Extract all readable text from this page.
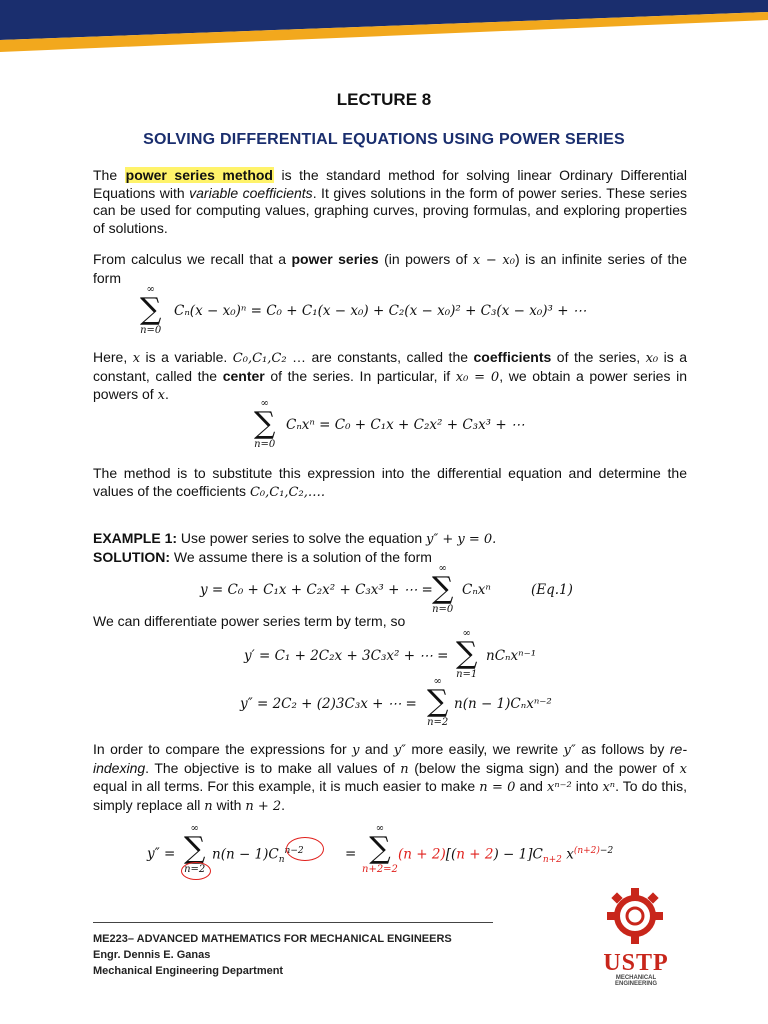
LECTURE 8
SOLVING DIFFERENTIAL EQUATIONS USING POWER SERIES
The power series method is the standard method for solving linear Ordinary Differential Equations with variable coefficients. It gives solutions in the form of power series. These series can be used for computing values, graphing curves, proving formulas, and exploring properties of solutions.
From calculus we recall that a power series (in powers of x − x₀) is an infinite series of the form
∞
∑
n=0
Cₙ(x − x₀)ⁿ = C₀ + C₁(x − x₀) + C₂(x − x₀)² + C₃(x − x₀)³ + ⋯
Here, x is a variable. C₀,C₁,C₂ … are constants, called the coefficients of the series, x₀ is a constant, called the center of the series. In particular, if x₀ = 0, we obtain a power series in powers of x.
∞
∑
n=0
Cₙxⁿ = C₀ + C₁x + C₂x² + C₃x³ + ⋯
The method is to substitute this expression into the differential equation and determine the values of the coefficients C₀,C₁,C₂,….
EXAMPLE 1: Use power series to solve the equation y″ + y = 0.
SOLUTION: We assume there is a solution of the form
y = C₀ + C₁x + C₂x² + C₃x³ + ⋯ =
∞
∑
n=0
Cₙxⁿ	(Eq.1)
We can differentiate power series term by term, so
y′ = C₁ + 2C₂x + 3C₃x² + ⋯ =
∞
∑
n=1
nCₙxⁿ⁻¹
y″ = 2C₂ + (2)3C₃x + ⋯ =
∞
∑
n=2
n(n − 1)Cₙxⁿ⁻²
In order to compare the expressions for y and y″ more easily, we rewrite y″ as follows by re-indexing. The objective is to make all values of n (below the sigma sign) and the power of x equal in all terms. For this example, it is much easier to make n = 0 and xⁿ⁻² into xⁿ. To do this, simply replace all n with n + 2.
y″ =
∞
∑
n=2
$n(n - 1)C_n^{n-2}$	=
∞
∑
n+2=2
$(n + 2)[(n + 2) - 1]C_{n+2}$ $x^{(n+2)-2}$
ME223– ADVANCED MATHEMATICS FOR MECHANICAL ENGINEERS
Engr. Dennis E. Ganas
Mechanical Engineering Department	USTP
MECHANICAL ENGINEERING
